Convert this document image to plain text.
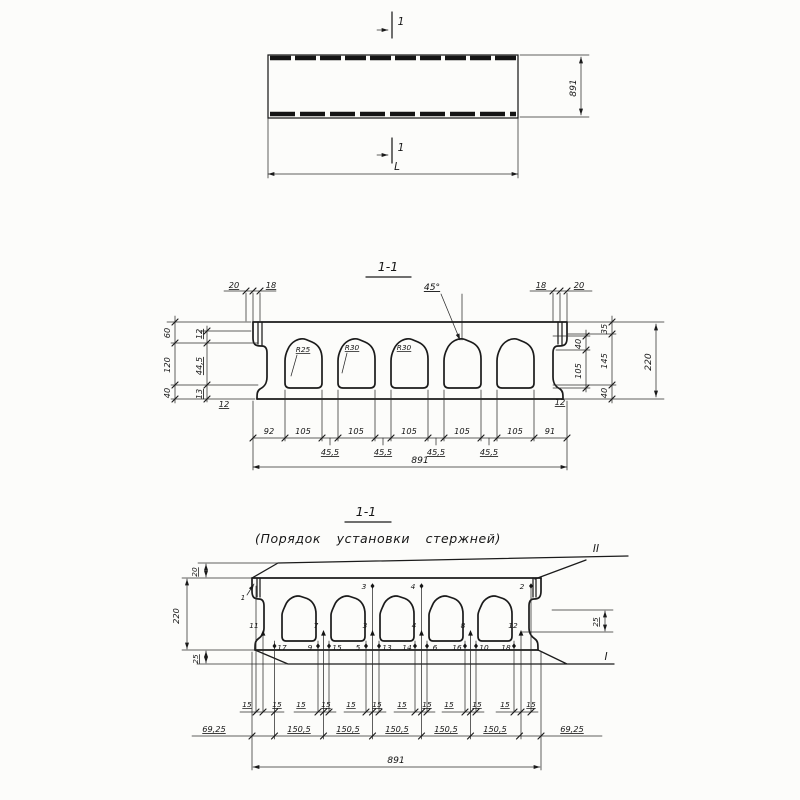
1
891
L
1
1-1
45°
R25	R30	R30
20	18	18	20
60
120
40
12
44,5
13
12
40
105
35
145
40
220
12
92	105	105	105	105	105	91
45,5	45,5	45,5	45,5
891
1-1
(Порядок установки стержней)
II
I
1
3	4	2
11	7	3	4	8	12
17	9	15 5	13 14	6 16 10 18
20
220
25
25
15	15 15 15 15 15 15 15 15	15	15 15
69,25	150,5	150,5	150,5	150,5	150,5	69,25
891
